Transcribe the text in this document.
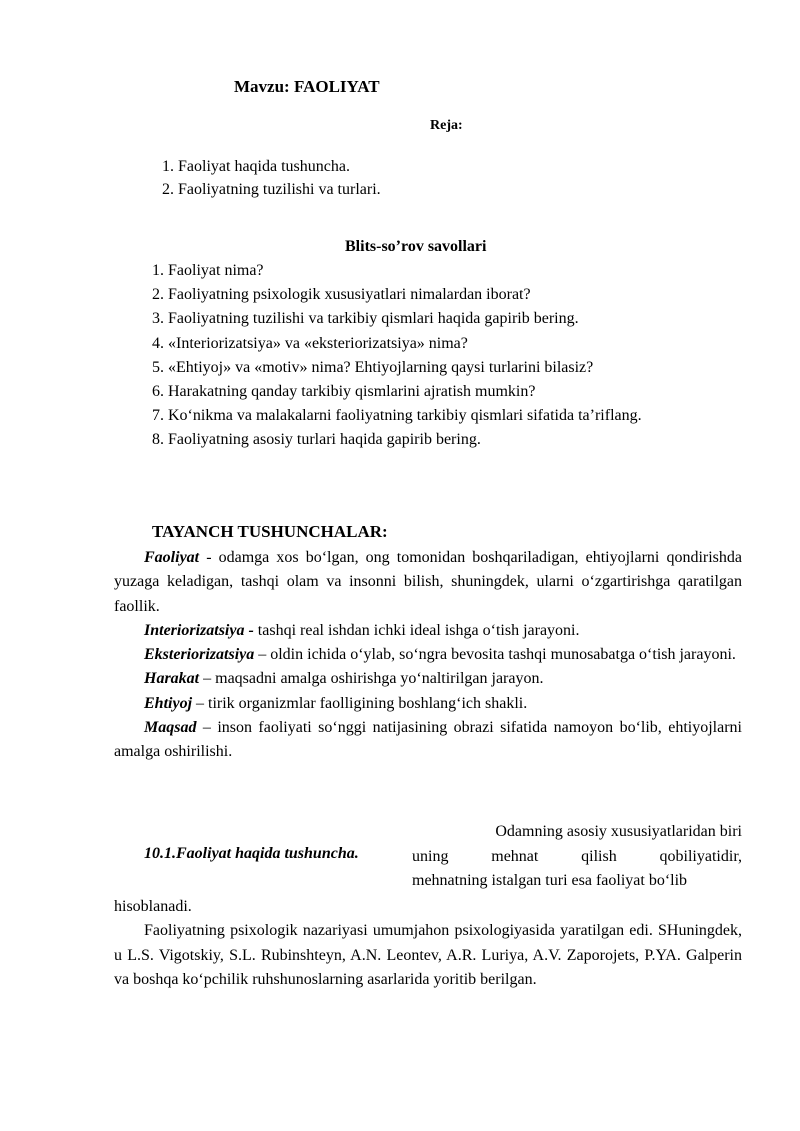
Mavzu: FAOLIYAT
Reja:
1. Faoliyat haqida tushuncha.
2. Faoliyatning tuzilishi va turlari.
Blits-so’rov savollari
1. Faoliyat nima?
2. Faoliyatning psixologik xususiyatlari nimalardan iborat?
3. Faoliyatning tuzilishi va tarkibiy qismlari haqida gapirib bering.
4. «Interiorizatsiya» va «eksteriorizatsiya» nima?
5. «Ehtiyoj» va «motiv» nima? Ehtiyojlarning qaysi turlarini bilasiz?
6. Harakatning qanday tarkibiy qismlarini ajratish mumkin?
7. Ko‘nikma va malakalarni faoliyatning tarkibiy qismlari sifatida ta’riflang.
8. Faoliyatning asosiy turlari haqida gapirib bering.
TAYANCH TUSHUNCHALAR:

Faoliyat - odamga xos bo‘lgan, ong tomonidan boshqariladigan, ehtiyojlarni qondirishda yuzaga keladigan, tashqi olam va insonni bilish, shuningdek, ularni o‘zgartirishga qaratilgan faollik.

Interiorizatsiya - tashqi real ishdan ichki ideal ishga o‘tish jarayoni.

Eksteriorizatsiya – oldin ichida o‘ylab, so‘ngra bevosita tashqi munosabatga o‘tish jarayoni.

Harakat – maqsadni amalga oshirishga yo‘naltirilgan jarayon.

Ehtiyoj – tirik organizmlar faolligining boshlang‘ich shakli.

Maqsad – inson faoliyati so‘nggi natijasining obrazi sifatida namoyon bo‘lib, ehtiyojlarni amalga oshirilishi.

10.1.Faoliyat haqida tushuncha.
Odamning asosiy xususiyatlaridan biri
uning mehnat qilish qobiliyatidir,
mehnatning istalgan turi esa faoliyat bo‘lib

hisoblanadi.

Faoliyatning psixologik nazariyasi umumjahon psixologiyasida yaratilgan edi. SHuningdek, u L.S. Vigotskiy, S.L. Rubinshteyn, A.N. Leontev, A.R. Luriya, A.V. Zaporojets, P.YA. Galperin va boshqa ko‘pchilik ruhshunoslarning asarlarida yoritib berilgan.
